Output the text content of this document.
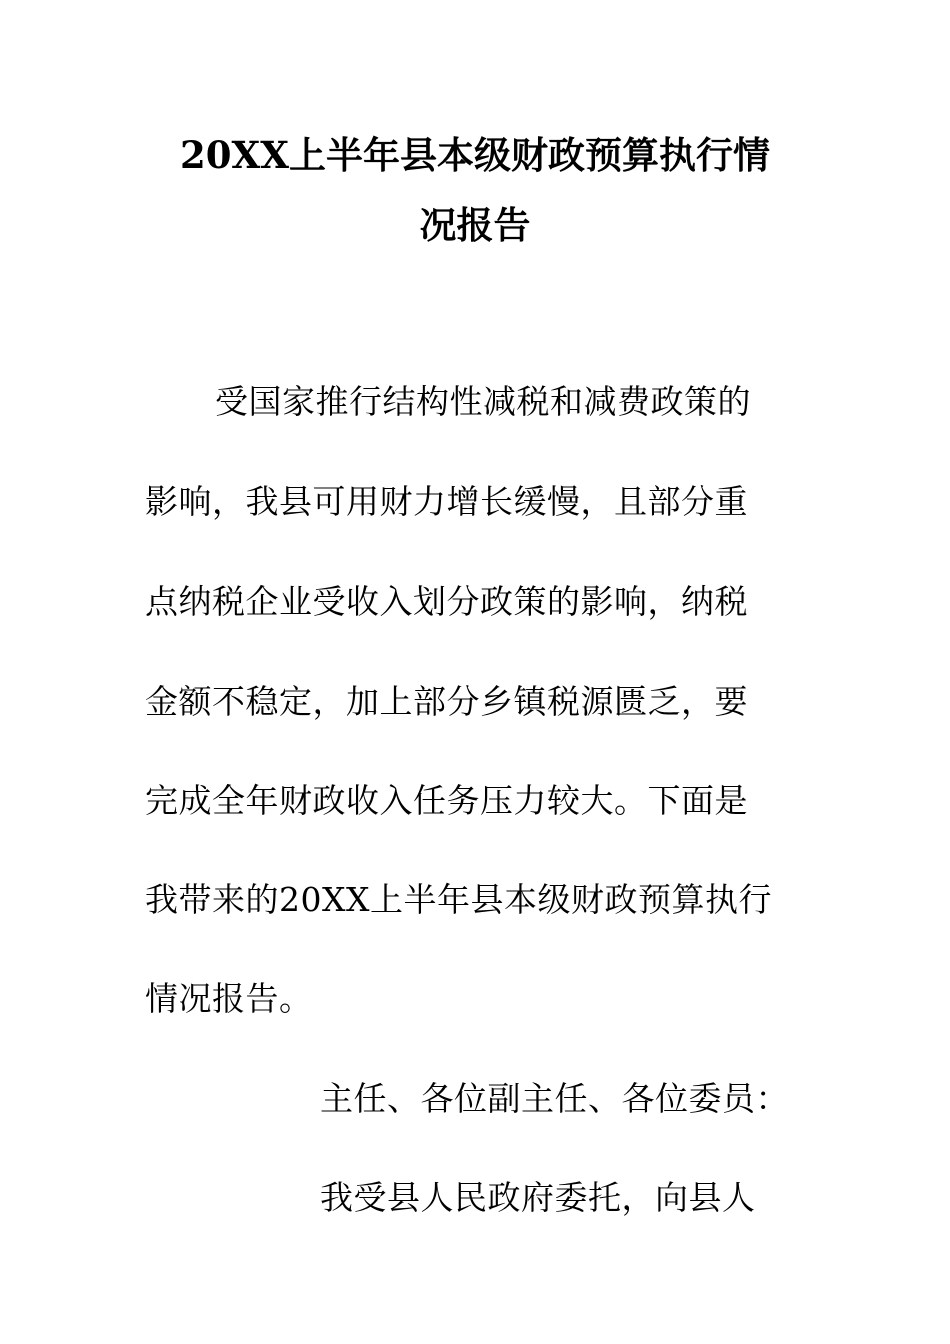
20XX上半年县本级财政预算执行情
况报告
受国家推行结构性减税和减费政策的
影响，我县可用财力增长缓慢，且部分重
点纳税企业受收入划分政策的影响，纳税
金额不稳定，加上部分乡镇税源匮乏，要
完成全年财政收入任务压力较大。下面是
我带来的20XX上半年县本级财政预算执行
情况报告。
主任、各位副主任、各位委员：
我受县人民政府委托，向县人
